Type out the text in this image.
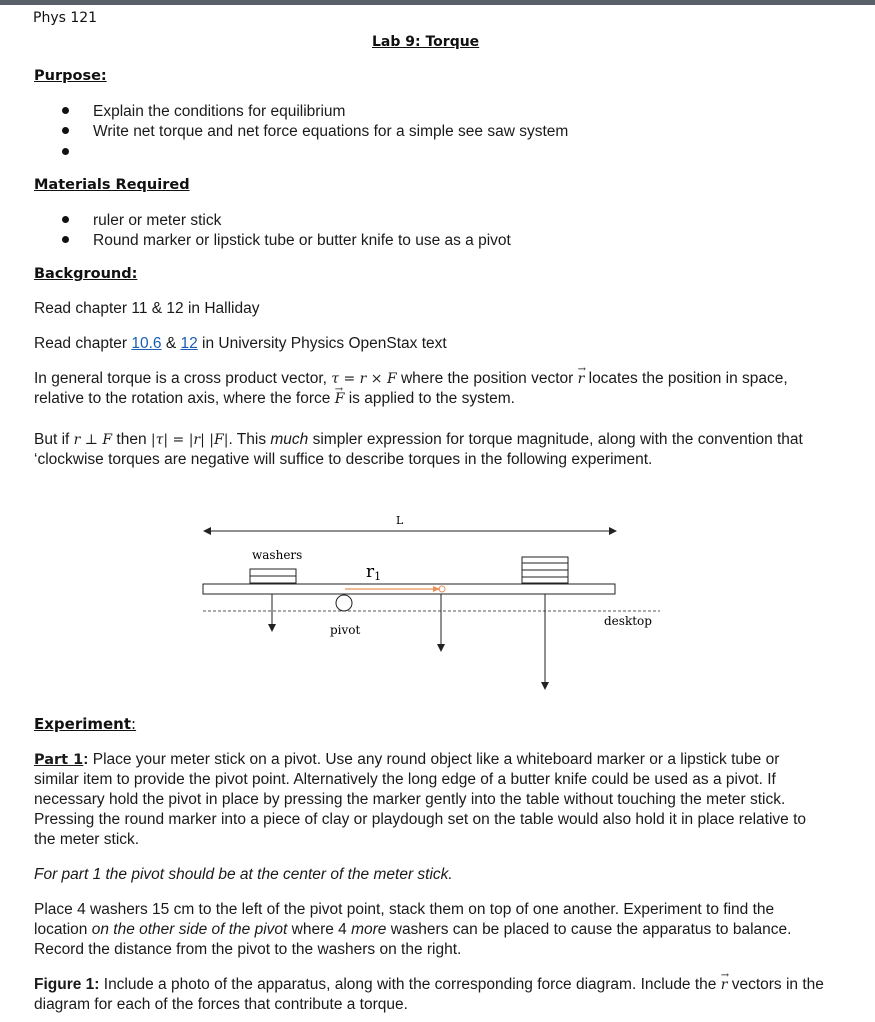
Phys 121
Lab 9: Torque
Purpose:
Explain the conditions for equilibrium
Write net torque and net force equations for a simple see saw system
Materials Required
ruler or meter stick
Round marker or lipstick tube or butter knife to use as a pivot
Background:
Read chapter 11 & 12 in Halliday
Read chapter 10.6 & 12 in University Physics OpenStax text
In general torque is a cross product vector, τ = r × F where the position vector → r locates the position in space, relative to the rotation axis, where the force → F is applied to the system.
But if r ⊥ F then |τ| = |r| |F|. This much simpler expression for torque magnitude, along with the convention that ‘clockwise torques are negative will suffice to describe torques in the following experiment.
L
washers
r1
pivot
desktop
Experiment:
Part 1: Place your meter stick on a pivot. Use any round object like a whiteboard marker or a lipstick tube or similar item to provide the pivot point. Alternatively the long edge of a butter knife could be used as a pivot. If necessary hold the pivot in place by pressing the marker gently into the table without touching the meter stick. Pressing the round marker into a piece of clay or playdough set on the table would also hold it in place relative to the meter stick.
For part 1 the pivot should be at the center of the meter stick.
Place 4 washers 15 cm to the left of the pivot point, stack them on top of one another. Experiment to find the location on the other side of the pivot where 4 more washers can be placed to cause the apparatus to balance. Record the distance from the pivot to the washers on the right.
Figure 1: Include a photo of the apparatus, along with the corresponding force diagram. Include the → r vectors in the diagram for each of the forces that contribute a torque.
